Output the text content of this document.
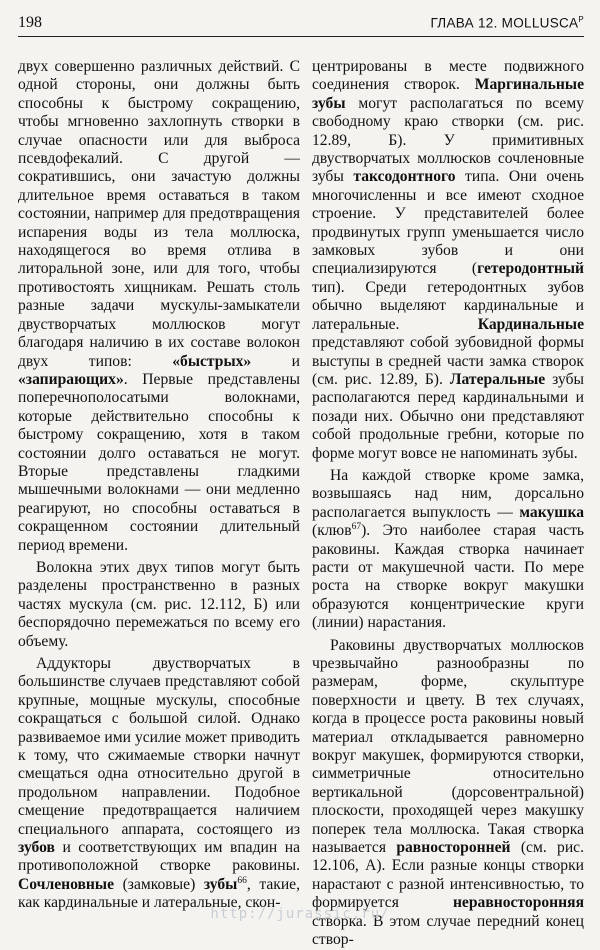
198	ГЛАВА 12. $MOLLUSCA^P$

двух совершенно различных действий. С одной стороны, они должны быть способны к быстрому сокращению, чтобы мгновенно захлопнуть створки в случае опасности или для выброса псевдофекалий. С другой — сократившись, они зачастую должны длительное время оставаться в таком состоянии, например для предотвращения испарения воды из тела моллюска, находящегося во время отлива в литоральной зоне, или для того, чтобы противостоять хищникам. Решать столь разные задачи мускулы-замыкатели двустворчатых моллюсков могут благодаря наличию в их составе волокон двух типов: «быстрых» и «запирающих». Первые представлены поперечнополосатыми волокнами, которые действительно способны к быстрому сокращению, хотя в таком состоянии долго оставаться не могут. Вторые представлены гладкими мышечными волокнами — они медленно реагируют, но способны оставаться в сокращенном состоянии длительный период времени.

Волокна этих двух типов могут быть разделены пространственно в разных частях мускула (см. рис. 12.112, Б) или беспорядочно перемежаться по всему его объему.

Аддукторы двустворчатых в большинстве случаев представляют собой крупные, мощные мускулы, способные сокращаться с большой силой. Однако развиваемое ими усилие может приводить к тому, что сжимаемые створки начнут смещаться одна относительно другой в продольном направлении. Подобное смещение предотвращается наличием специального аппарата, состоящего из зубов и соответствующих им впадин на противоположной створке раковины. Сочленовные (замковые) зубы$^{66}$, такие, как кардинальные и латеральные, скон-

центрированы в месте подвижного соединения створок. Маргинальные зубы могут располагаться по всему свободному краю створки (см. рис. 12.89, Б). У примитивных двустворчатых моллюсков сочленовные зубы таксодонтного типа. Они очень многочисленны и все имеют сходное строение. У представителей более продвинутых групп уменьшается число замковых зубов и они специализируются (гетеродонтный тип). Среди гетеродонтных зубов обычно выделяют кардинальные и латеральные. Кардинальные представляют собой зубовидной формы выступы в средней части замка створок (см. рис. 12.89, Б). Латеральные зубы располагаются перед кардинальными и позади них. Обычно они представляют собой продольные гребни, которые по форме могут вовсе не напоминать зубы.

На каждой створке кроме замка, возвышаясь над ним, дорсально располагается выпуклость — макушка (клюв$^{67}$). Это наиболее старая часть раковины. Каждая створка начинает расти от макушечной части. По мере роста на створке вокруг макушки образуются концентрические круги (линии) нарастания.

Раковины двустворчатых моллюсков чрезвычайно разнообразны по размерам, форме, скульптуре поверхности и цвету. В тех случаях, когда в процессе роста раковины новый материал откладывается равномерно вокруг макушек, формируются створки, симметричные относительно вертикальной (дорсовентральной) плоскости, проходящей через макушку поперек тела моллюска. Такая створка называется равносторонней (см. рис. 12.106, А). Если разные концы створки нарастают с разной интенсивностью, то формируется неравносторонняя створка. В этом случае передний конец створ-

http://jurassic.ru/
